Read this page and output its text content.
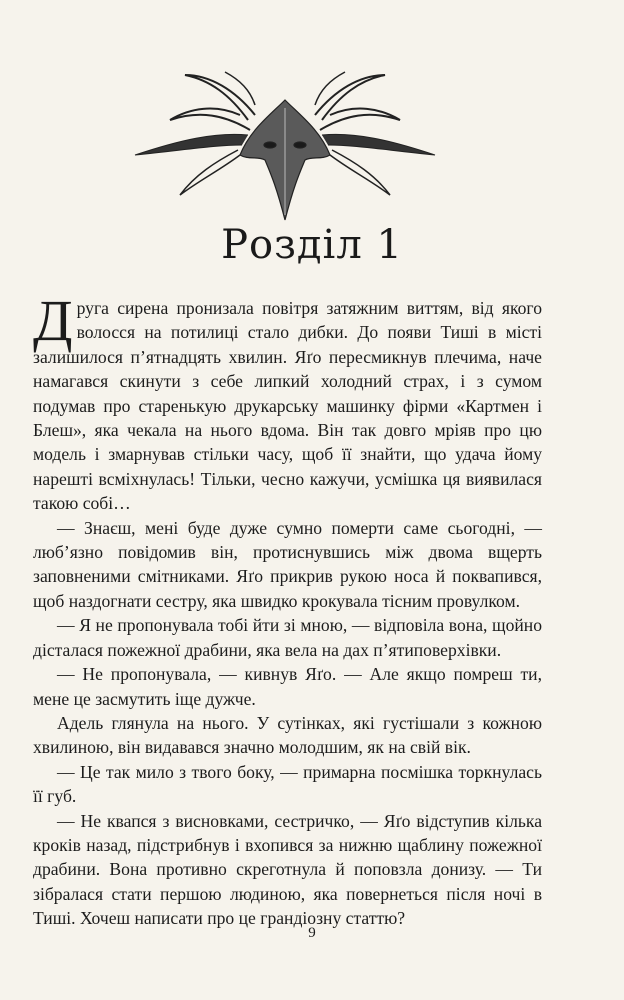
Розділ 1

Друга сирена пронизала повітря затяжним виттям, від якого волосся на потилиці стало дибки. До появи Тиші в місті залишилося п’ятнадцять хвилин. Яґо пересмикнув плечима, наче намагався скинути з себе липкий холодний страх, і з сумом подумав про старенькую друкарську машинку фірми «Картмен і Блеш», яка чекала на нього вдома. Він так довго мріяв про цю модель і змарнував стільки часу, щоб її знайти, що удача йому нарешті всміхнулась! Тільки, чесно кажучи, усмішка ця виявилася такою собі…

— Знаєш, мені буде дуже сумно померти саме сьогодні, — люб’язно повідомив він, протиснувшись між двома вщерть заповненими смітниками. Яґо прикрив рукою носа й поквапився, щоб наздогнати сестру, яка швидко крокувала тісним провулком.

— Я не пропонувала тобі йти зі мною, — відповіла вона, щойно дісталася пожежної драбини, яка вела на дах п’ятиповерхівки.

— Не пропонувала, — кивнув Яґо. — Але якщо помреш ти, мене це засмутить іще дужче.

Адель глянула на нього. У сутінках, які густішали з кожною хвилиною, він видавався значно молодшим, як на свій вік.

— Це так мило з твого боку, — примарна посмішка торкнулась її губ.

— Не квапся з висновками, сестричко, — Яґо відступив кілька кроків назад, підстрибнув і вхопився за нижню щаблину пожежної драбини. Вона противно скреготнула й поповзла донизу. — Ти зібралася стати першою людиною, яка повернеться після ночі в Тиші. Хочеш написати про це грандіозну статтю?

9
